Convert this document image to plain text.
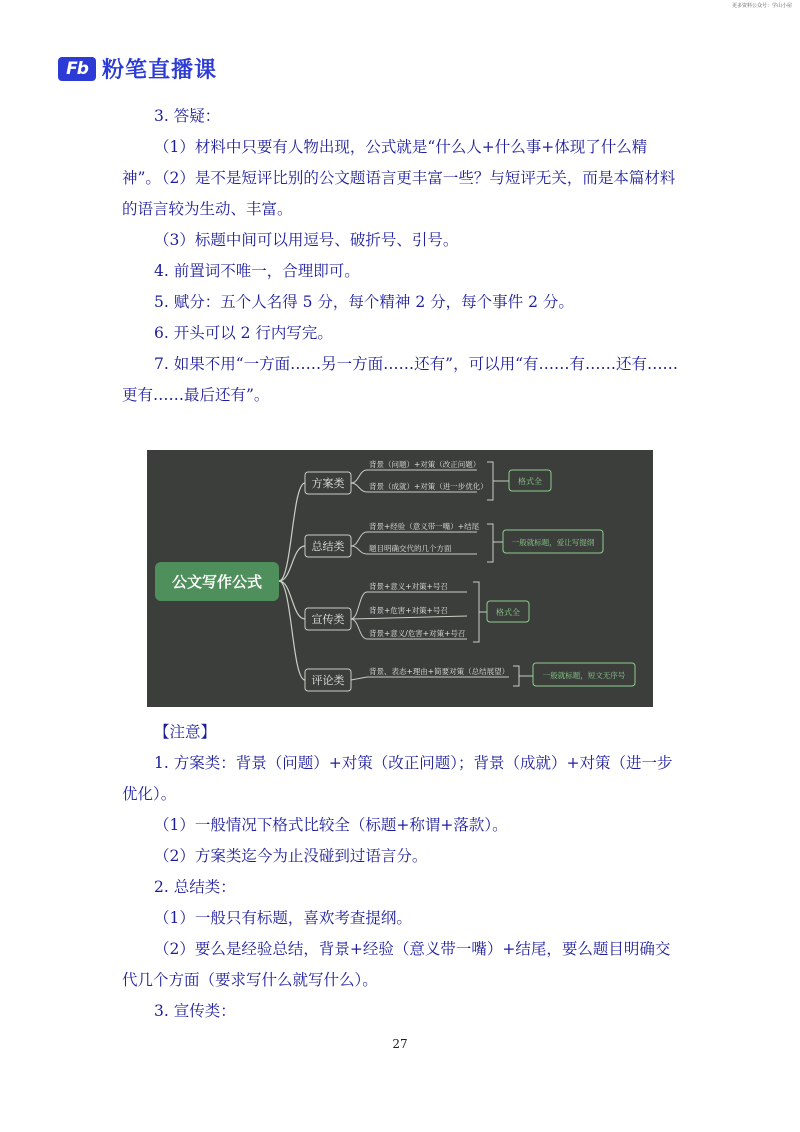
更多资料公众号：学山小屋
Fb 粉笔直播课

3. 答疑：

（1）材料中只要有人物出现，公式就是“什么人+什么事+体现了什么精神”。

（2）是不是短评比别的公文题语言更丰富一些？与短评无关，而是本篇材料的语言较为生动、丰富。

（3）标题中间可以用逗号、破折号、引号。

4. 前置词不唯一，合理即可。

5. 赋分：五个人名得 5 分，每个精神 2 分，每个事件 2 分。

6. 开头可以 2 行内写完。

7. 如果不用“一方面……另一方面……还有”，可以用“有……有……还有……更有……最后还有”。

公文写作公式
方案类
背景（问题）+对策（改正问题）
背景（成就）+对策（进一步优化）
格式全
总结类
背景+经验（意义带一嘴）+结尾
题目明确交代的几个方面
一般就标题，爱让写提纲
宣传类
背景+意义+对策+号召
背景+危害+对策+号召
背景+意义/危害+对策+号召
格式全
评论类
背景、表态+理由+简要对策（总结展望）	一般就标题，短文无序号

【注意】

1. 方案类：背景（问题）+对策（改正问题）；背景（成就）+对策（进一步优化）。

（1）一般情况下格式比较全（标题+称谓+落款）。

（2）方案类迄今为止没碰到过语言分。

2. 总结类：

（1）一般只有标题，喜欢考查提纲。

（2）要么是经验总结，背景+经验（意义带一嘴）+结尾，要么题目明确交代几个方面（要求写什么就写什么）。

3. 宣传类：

27
